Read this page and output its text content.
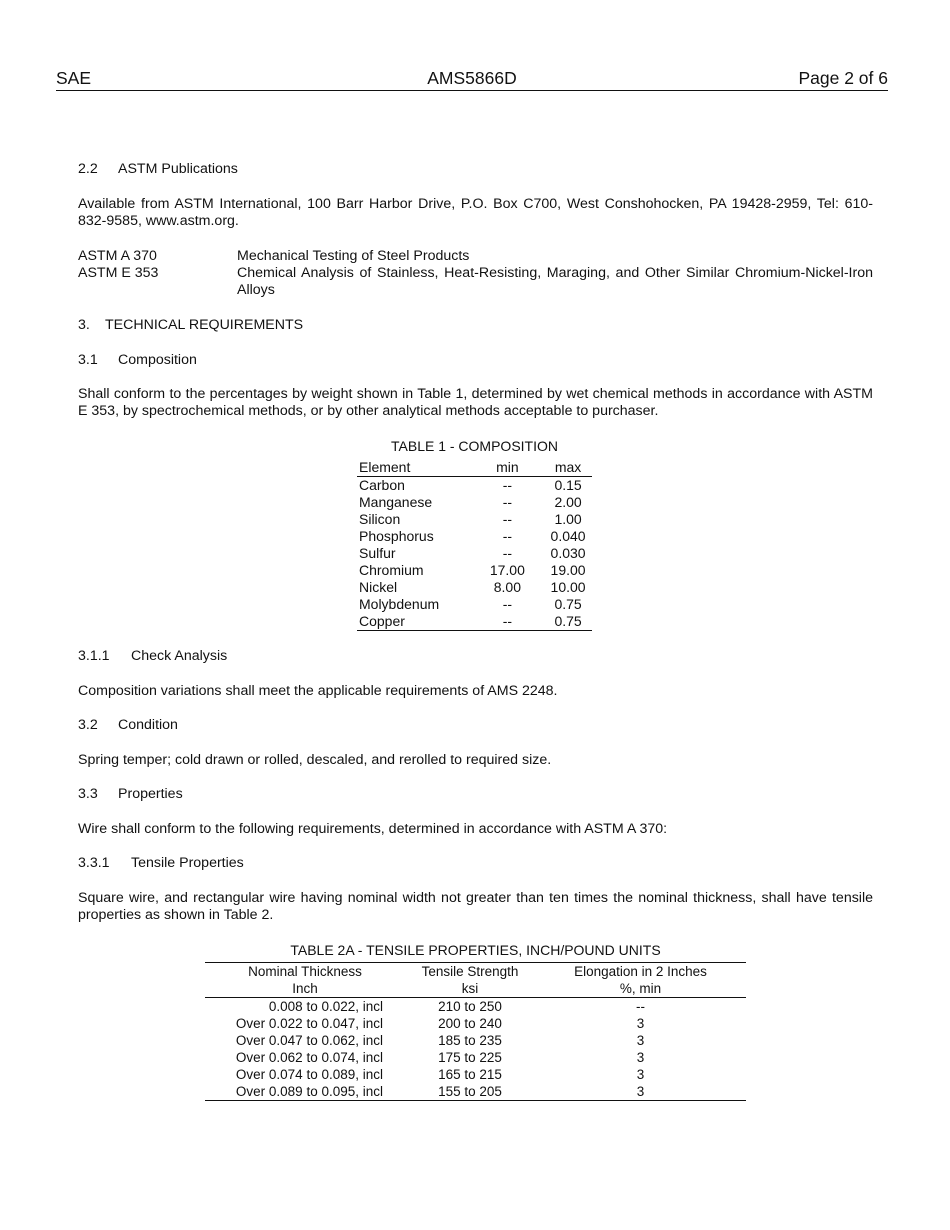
SAE	AMS5866D	Page 2 of 6
2.2 ASTM Publications
Available from ASTM International, 100 Barr Harbor Drive, P.O. Box C700, West Conshohocken, PA 19428-2959, Tel: 610-832-9585, www.astm.org.
ASTM A 370	Mechanical Testing of Steel Products
ASTM E 353	Chemical Analysis of Stainless, Heat-Resisting, Maraging, and Other Similar Chromium-Nickel-Iron Alloys
3. TECHNICAL REQUIREMENTS
3.1 Composition
Shall conform to the percentages by weight shown in Table 1, determined by wet chemical methods in accordance with ASTM E 353, by spectrochemical methods, or by other analytical methods acceptable to purchaser.
TABLE 1 - COMPOSITION
Element	min	max
Carbon	--	0.15
Manganese	--	2.00
Silicon	--	1.00
Phosphorus	--	0.040
Sulfur	--	0.030
Chromium	17.00	19.00
Nickel	8.00	10.00
Molybdenum	--	0.75
Copper	--	0.75
3.1.1 Check Analysis
Composition variations shall meet the applicable requirements of AMS 2248.
3.2 Condition
Spring temper; cold drawn or rolled, descaled, and rerolled to required size.
3.3 Properties
Wire shall conform to the following requirements, determined in accordance with ASTM A 370:
3.3.1 Tensile Properties
Square wire, and rectangular wire having nominal width not greater than ten times the nominal thickness, shall have tensile properties as shown in Table 2.
TABLE 2A - TENSILE PROPERTIES, INCH/POUND UNITS
Nominal Thickness	Tensile Strength	Elongation in 2 Inches
Inch	ksi	%, min
0.008 to 0.022, incl	210 to 250	--
Over 0.022 to 0.047, incl	200 to 240	3
Over 0.047 to 0.062, incl	185 to 235	3
Over 0.062 to 0.074, incl	175 to 225	3
Over 0.074 to 0.089, incl	165 to 215	3
Over 0.089 to 0.095, incl	155 to 205	3
